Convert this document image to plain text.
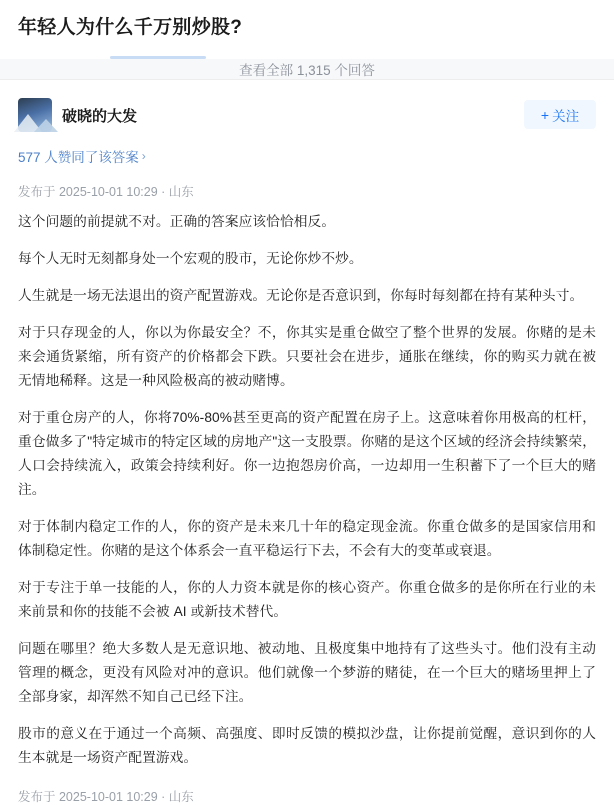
年轻人为什么千万别炒股?
查看全部 1,315 个回答
破晓的大发	+ 关注
577 人赞同了该答案 ›
发布于 2025-10-01 10:29 · 山东

这个问题的前提就不对。正确的答案应该恰恰相反。

每个人无时无刻都身处一个宏观的股市，无论你炒不炒。

人生就是一场无法退出的资产配置游戏。无论你是否意识到，你每时每刻都在持有某种头寸。

对于只存现金的人，你以为你最安全？不，你其实是重仓做空了整个世界的发展。你赌的是未来会通货紧缩，所有资产的价格都会下跌。只要社会在进步，通胀在继续，你的购买力就在被无情地稀释。这是一种风险极高的被动赌博。

对于重仓房产的人，你将70%-80%甚至更高的资产配置在房子上。这意味着你用极高的杠杆，重仓做多了"特定城市的特定区域的房地产"这一支股票。你赌的是这个区域的经济会持续繁荣，人口会持续流入，政策会持续利好。你一边抱怨房价高，一边却用一生积蓄下了一个巨大的赌注。

对于体制内稳定工作的人，你的资产是未来几十年的稳定现金流。你重仓做多的是国家信用和体制稳定性。你赌的是这个体系会一直平稳运行下去，不会有大的变革或衰退。

对于专注于单一技能的人，你的人力资本就是你的核心资产。你重仓做多的是你所在行业的未来前景和你的技能不会被 AI 或新技术替代。

问题在哪里？绝大多数人是无意识地、被动地、且极度集中地持有了这些头寸。他们没有主动管理的概念，更没有风险对冲的意识。他们就像一个梦游的赌徒，在一个巨大的赌场里押上了全部身家，却浑然不知自己已经下注。

股市的意义在于通过一个高频、高强度、即时反馈的模拟沙盘，让你提前觉醒，意识到你的人生本就是一场资产配置游戏。

发布于 2025-10-01 10:29 · 山东
